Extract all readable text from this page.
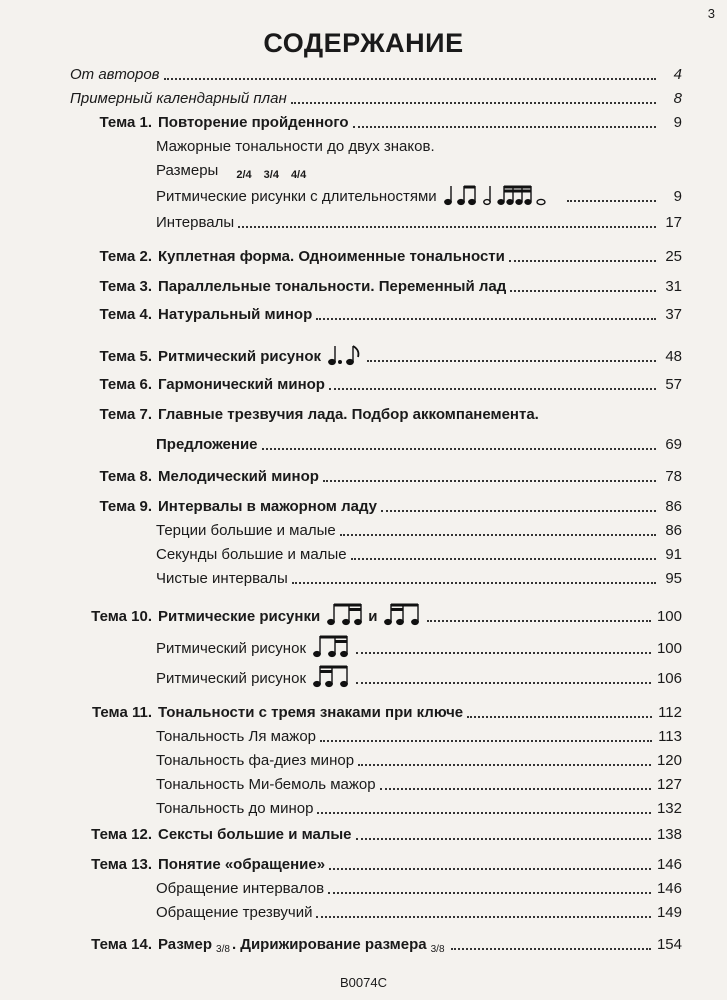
3
СОДЕРЖАНИЕ
От авторов	4
Примерный календарный план	8
Тема 1. Повторение пройденного	9
Мажорные тональности до двух знаков.
Размеры 2/4 3/4 4/4
Ритмические рисунки с длительностями	9
Интервалы	17
Тема 2. Куплетная форма. Одноименные тональности	25
Тема 3. Параллельные тональности. Переменный лад	31
Тема 4. Натуральный минор	37
Тема 5. Ритмический рисунок	48
Тема 6. Гармонический минор	57
Тема 7. Главные трезвучия лада. Подбор аккомпанемента.
Предложение	69
Тема 8. Мелодический минор	78
Тема 9. Интервалы в мажорном ладу	86
Терции большие и малые	86
Секунды большие и малые	91
Чистые интервалы	95
Тема 10. Ритмические рисунки	и	100
Ритмический рисунок	100
Ритмический рисунок	106
Тема 11. Тональности с тремя знаками при ключе	112
Тональность Ля мажор	113
Тональность фа-диез минор	120
Тональность Ми-бемоль мажор	127
Тональность до минор	132
Тема 12. Сексты большие и малые	138
Тема 13. Понятие «обращение»	146
Обращение интервалов	146
Обращение трезвучий	149
Тема 14. Размер 3/8 . Дирижирование размера 3/8	154
В0074С
